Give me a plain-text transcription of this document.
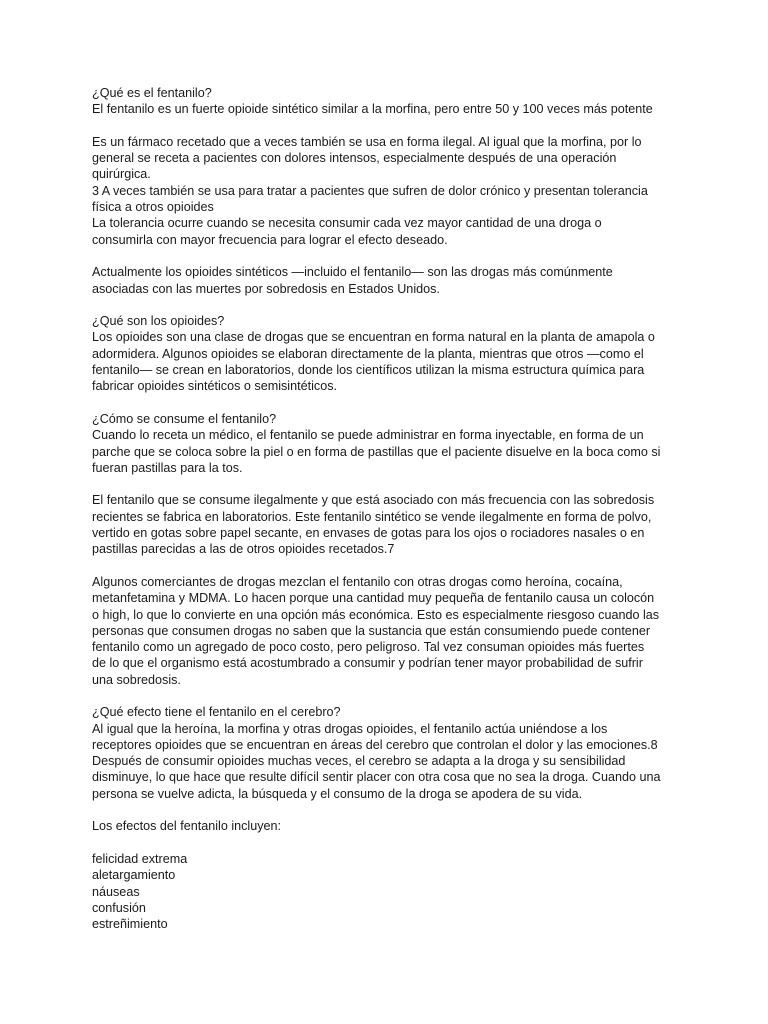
¿Qué es el fentanilo?
El fentanilo es un fuerte opioide sintético similar a la morfina, pero entre 50 y 100 veces más potente
Es un fármaco recetado que a veces también se usa en forma ilegal. Al igual que la morfina, por lo
general se receta a pacientes con dolores intensos, especialmente después de una operación
quirúrgica.
3 A veces también se usa para tratar a pacientes que sufren de dolor crónico y presentan tolerancia
física a otros opioides
La tolerancia ocurre cuando se necesita consumir cada vez mayor cantidad de una droga o
consumirla con mayor frecuencia para lograr el efecto deseado.
Actualmente los opioides sintéticos —incluido el fentanilo— son las drogas más comúnmente
asociadas con las muertes por sobredosis en Estados Unidos.
¿Qué son los opioides?
Los opioides son una clase de drogas que se encuentran en forma natural en la planta de amapola o
adormidera. Algunos opioides se elaboran directamente de la planta, mientras que otros —como el
fentanilo— se crean en laboratorios, donde los científicos utilizan la misma estructura química para
fabricar opioides sintéticos o semisintéticos.
¿Cómo se consume el fentanilo?
Cuando lo receta un médico, el fentanilo se puede administrar en forma inyectable, en forma de un
parche que se coloca sobre la piel o en forma de pastillas que el paciente disuelve en la boca como si
fueran pastillas para la tos.
El fentanilo que se consume ilegalmente y que está asociado con más frecuencia con las sobredosis
recientes se fabrica en laboratorios. Este fentanilo sintético se vende ilegalmente en forma de polvo,
vertido en gotas sobre papel secante, en envases de gotas para los ojos o rociadores nasales o en
pastillas parecidas a las de otros opioides recetados.7
Algunos comerciantes de drogas mezclan el fentanilo con otras drogas como heroína, cocaína,
metanfetamina y MDMA. Lo hacen porque una cantidad muy pequeña de fentanilo causa un colocón
o high, lo que lo convierte en una opción más económica. Esto es especialmente riesgoso cuando las
personas que consumen drogas no saben que la sustancia que están consumiendo puede contener
fentanilo como un agregado de poco costo, pero peligroso. Tal vez consuman opioides más fuertes
de lo que el organismo está acostumbrado a consumir y podrían tener mayor probabilidad de sufrir
una sobredosis.
¿Qué efecto tiene el fentanilo en el cerebro?
Al igual que la heroína, la morfina y otras drogas opioides, el fentanilo actúa uniéndose a los
receptores opioides que se encuentran en áreas del cerebro que controlan el dolor y las emociones.8
Después de consumir opioides muchas veces, el cerebro se adapta a la droga y su sensibilidad
disminuye, lo que hace que resulte difícil sentir placer con otra cosa que no sea la droga. Cuando una
persona se vuelve adicta, la búsqueda y el consumo de la droga se apodera de su vida.
Los efectos del fentanilo incluyen:
felicidad extrema
aletargamiento
náuseas
confusión
estreñimiento
